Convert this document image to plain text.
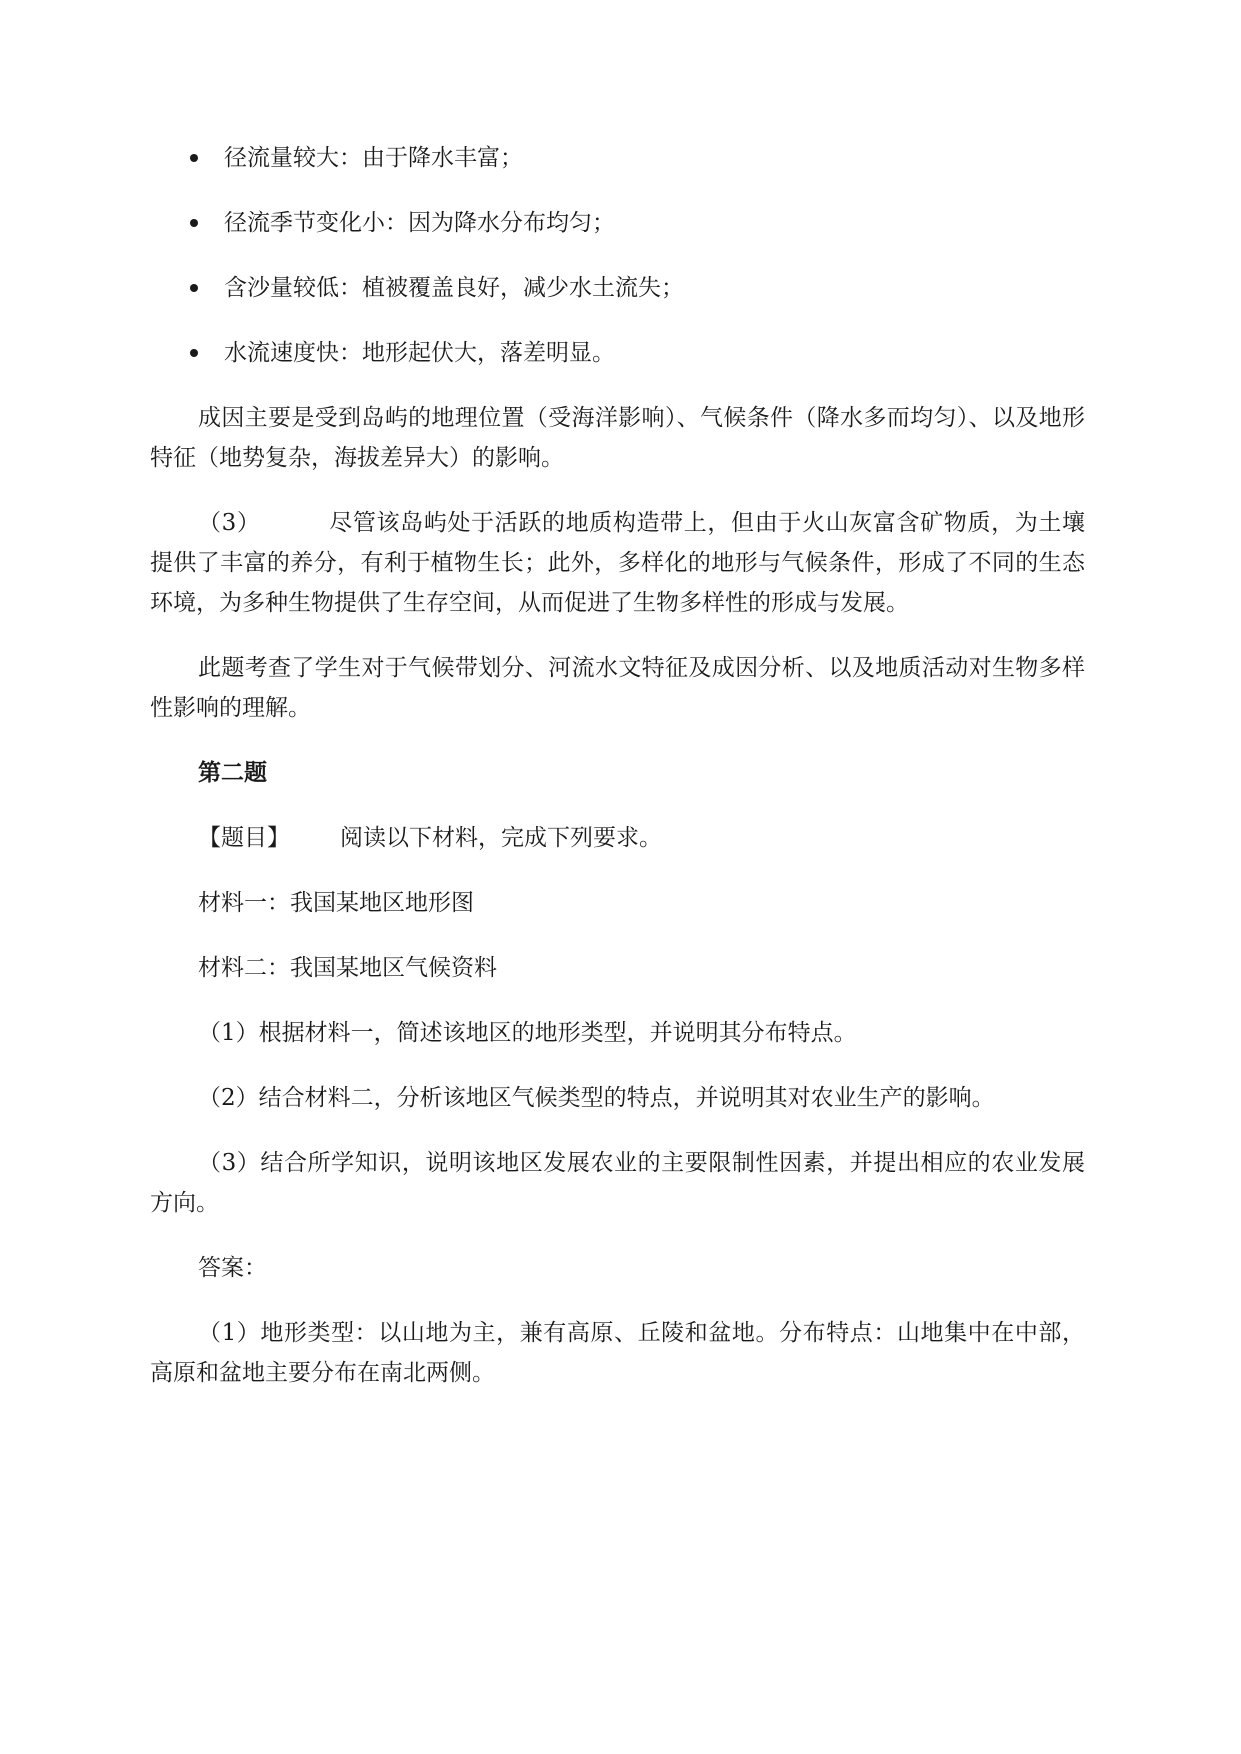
径流量较大：由于降水丰富；
径流季节变化小：因为降水分布均匀；
含沙量较低：植被覆盖良好，减少水土流失；
水流速度快：地形起伏大，落差明显。

成因主要是受到岛屿的地理位置（受海洋影响）、气候条件（降水多而均匀）、以及地形特征（地势复杂，海拔差异大）的影响。

（3）	尽管该岛屿处于活跃的地质构造带上，但由于火山灰富含矿物质，为土壤提供了丰富的养分，有利于植物生长；此外，多样化的地形与气候条件，形成了不同的生态环境，为多种生物提供了生存空间，从而促进了生物多样性的形成与发展。

此题考查了学生对于气候带划分、河流水文特征及成因分析、以及地质活动对生物多样性影响的理解。

第二题

【题目】 阅读以下材料，完成下列要求。

材料一：我国某地区地形图

材料二：我国某地区气候资料

（1）根据材料一，简述该地区的地形类型，并说明其分布特点。

（2）结合材料二，分析该地区气候类型的特点，并说明其对农业生产的影响。

（3）结合所学知识，说明该地区发展农业的主要限制性因素，并提出相应的农业发展方向。

答案：

（1）地形类型：以山地为主，兼有高原、丘陵和盆地。分布特点：山地集中在中部，高原和盆地主要分布在南北两侧。
